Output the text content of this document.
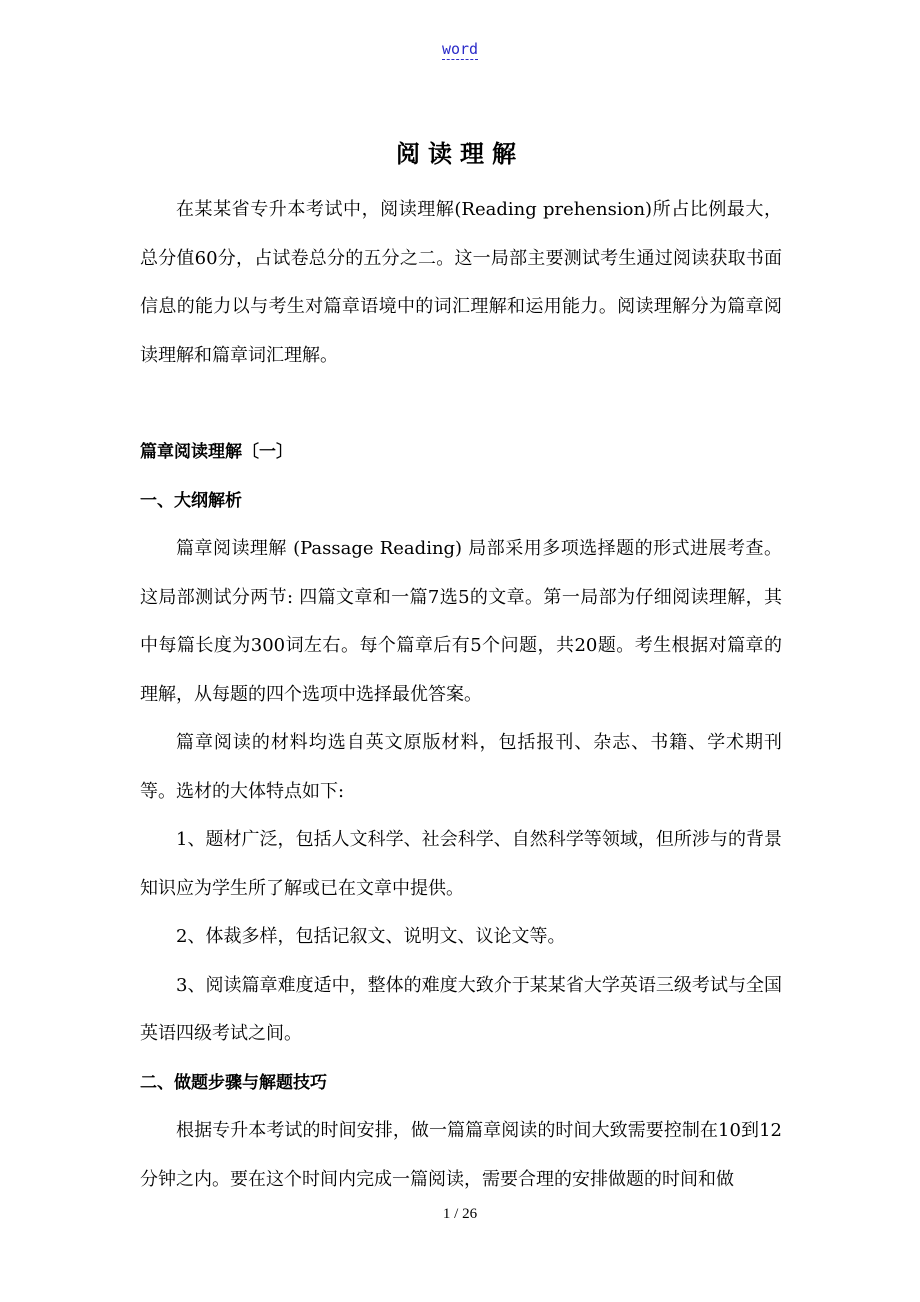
word
阅读理解

在某某省专升本考试中，阅读理解(Reading prehension)所占比例最大，总分值60分，占试卷总分的五分之二。这一局部主要测试考生通过阅读获取书面信息的能力以与考生对篇章语境中的词汇理解和运用能力。阅读理解分为篇章阅读理解和篇章词汇理解。

篇章阅读理解〔一〕

一、大纲解析

篇章阅读理解 (Passage Reading) 局部采用多项选择题的形式进展考查。这局部测试分两节: 四篇文章和一篇7选5的文章。第一局部为仔细阅读理解，其中每篇长度为300词左右。每个篇章后有5个问题，共20题。考生根据对篇章的理解，从每题的四个选项中选择最优答案。

篇章阅读的材料均选自英文原版材料，包括报刊、杂志、书籍、学术期刊等。选材的大体特点如下:

1、题材广泛，包括人文科学、社会科学、自然科学等领域，但所涉与的背景知识应为学生所了解或已在文章中提供。

2、体裁多样，包括记叙文、说明文、议论文等。

3、阅读篇章难度适中，整体的难度大致介于某某省大学英语三级考试与全国英语四级考试之间。

二、做题步骤与解题技巧

根据专升本考试的时间安排，做一篇篇章阅读的时间大致需要控制在10到12分钟之内。要在这个时间内完成一篇阅读，需要合理的安排做题的时间和做

1 / 26
